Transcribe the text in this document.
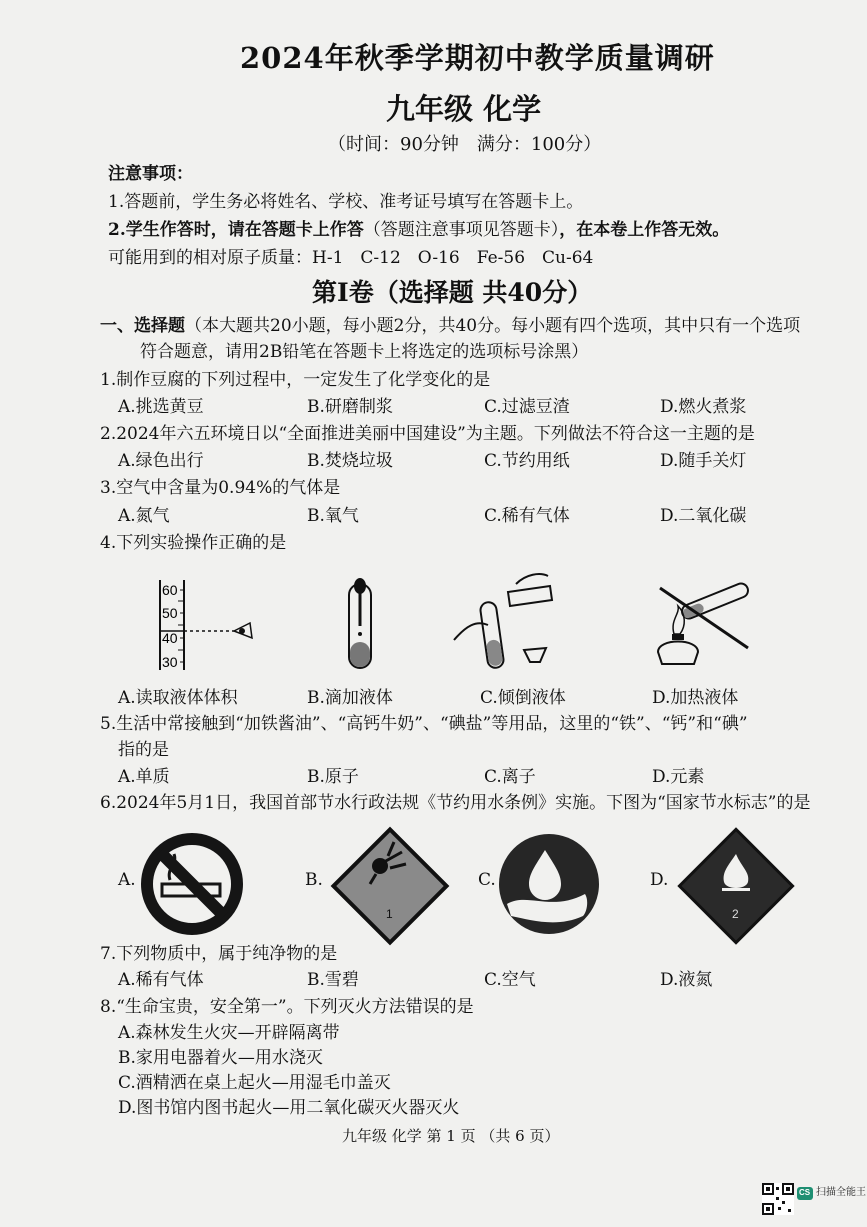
2024年秋季学期初中教学质量调研
九年级 化学
（时间：90分钟　满分：100分）
注意事项：
1.答题前，学生务必将姓名、学校、准考证号填写在答题卡上。
2.学生作答时，请在答题卡上作答（答题注意事项见答题卡），在本卷上作答无效。
可能用到的相对原子质量：H-1　C-12　O-16　Fe-56　Cu-64
第Ⅰ卷（选择题 共40分）
一、选择题（本大题共20小题，每小题2分，共40分。每小题有四个选项，其中只有一个选项
符合题意，请用2B铅笔在答题卡上将选定的选项标号涂黑）
1.制作豆腐的下列过程中，一定发生了化学变化的是
A.挑选黄豆	B.研磨制浆	C.过滤豆渣	D.燃火煮浆
2.2024年六五环境日以“全面推进美丽中国建设”为主题。下列做法不符合这一主题的是
A.绿色出行	B.焚烧垃圾	C.节约用纸	D.随手关灯
3.空气中含量为0.94%的气体是
A.氮气	B.氧气	C.稀有气体	D.二氧化碳
4.下列实验操作正确的是
60
50
40
30
A.读取液体体积	B.滴加液体	C.倾倒液体	D.加热液体
5.生活中常接触到“加铁酱油”、“高钙牛奶”、“碘盐”等用品，这里的“铁”、“钙”和“碘”
指的是
A.单质	B.原子	C.离子	D.元素
6.2024年5月1日，我国首部节水行政法规《节约用水条例》实施。下图为“国家节水标志”的是
A.	B.	C.	D.
1	2
7.下列物质中，属于纯净物的是
A.稀有气体	B.雪碧	C.空气	D.液氮
8.“生命宝贵，安全第一”。下列灭火方法错误的是
A.森林发生火灾—开辟隔离带
B.家用电器着火—用水浇灭
C.酒精洒在桌上起火—用湿毛巾盖灭
D.图书馆内图书起火—用二氧化碳灭火器灭火
九年级 化学 第 1 页 （共 6 页）
CS 扫描全能王
